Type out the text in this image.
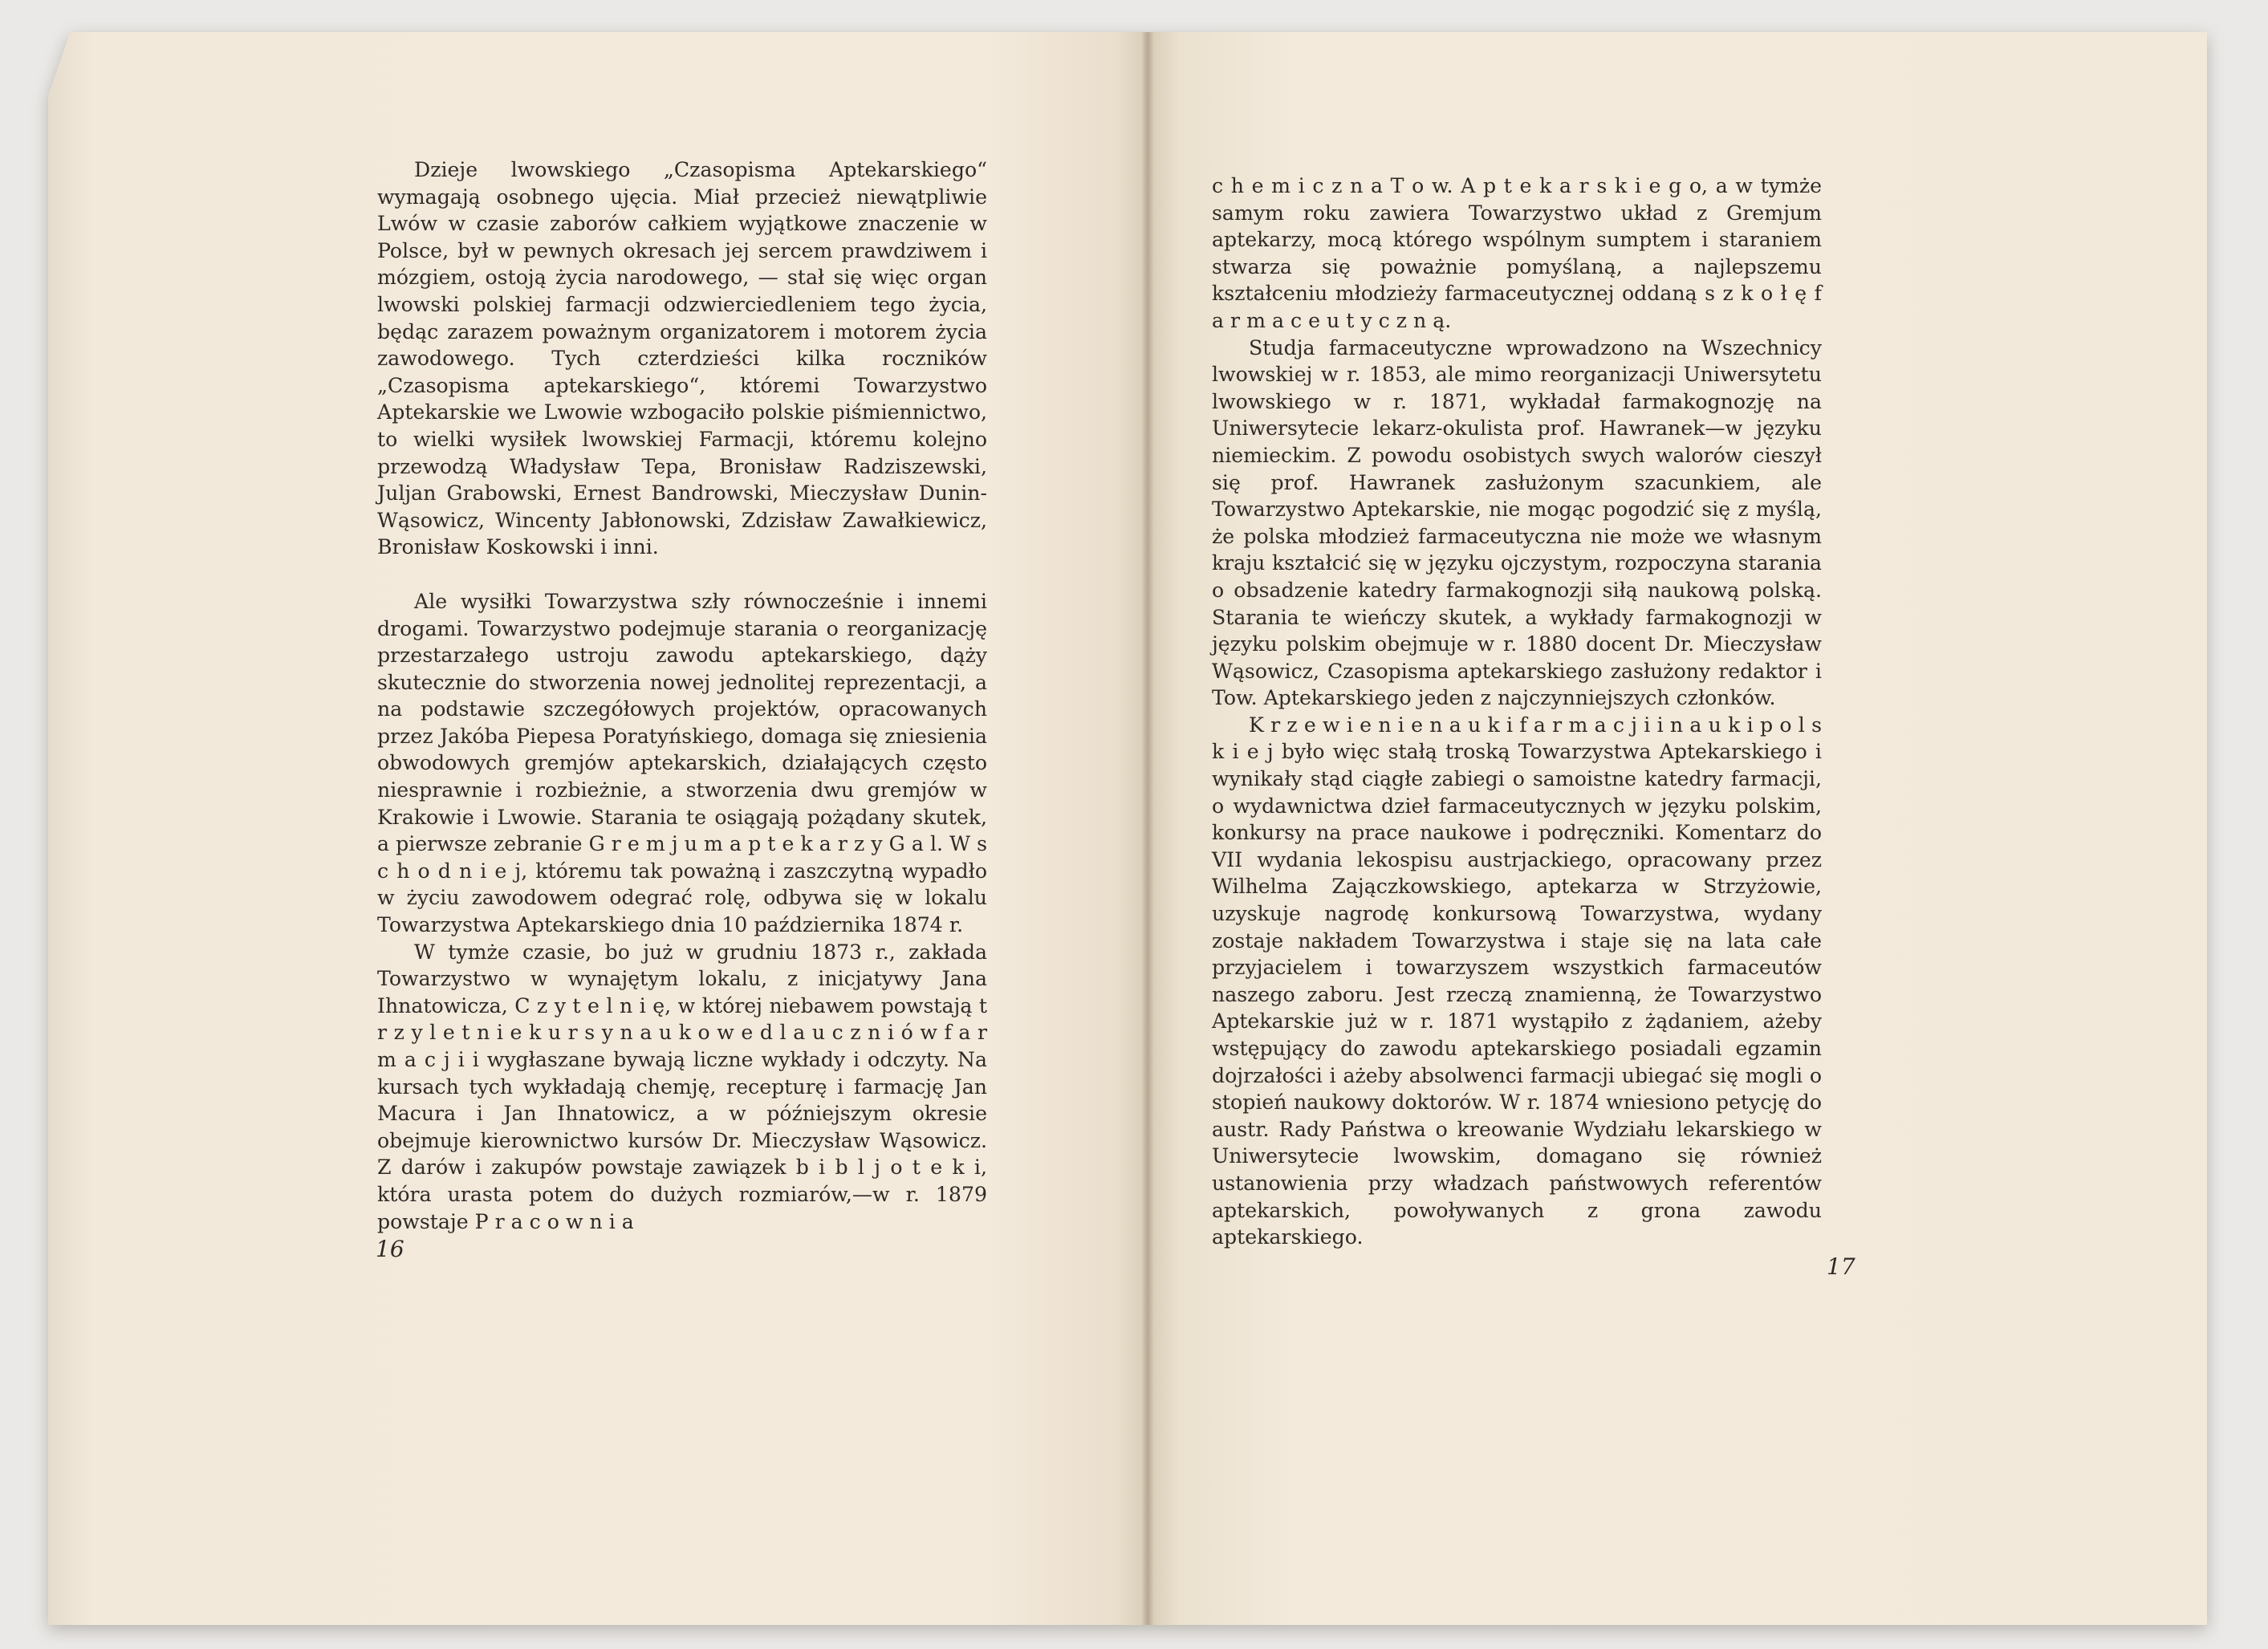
Dzieje lwowskiego „Czasopisma Aptekarskiego“ wymagają osobnego ujęcia. Miał przecież niewątpliwie Lwów w czasie zaborów całkiem wyjątkowe znaczenie w Polsce, był w pewnych okresach jej sercem prawdziwem i mózgiem, ostoją życia narodowego, — stał się więc organ lwowski polskiej farmacji odzwierciedleniem tego życia, będąc zarazem poważnym organizatorem i motorem życia zawodowego. Tych czterdzieści kilka roczników „Czasopisma aptekarskiego“, któremi Towarzystwo Aptekarskie we Lwowie wzbogaciło polskie piśmiennictwo, to wielki wysiłek lwowskiej Farmacji, któremu kolejno przewodzą Władysław Tepa, Bronisław Radziszewski, Juljan Grabowski, Ernest Bandrowski, Mieczysław Dunin-Wąsowicz, Wincenty Jabłonowski, Zdzisław Zawałkiewicz, Bronisław Koskowski i inni.

Ale wysiłki Towarzystwa szły równocześnie i innemi drogami. Towarzystwo podejmuje starania o reorganizację przestarzałego ustroju zawodu aptekarskiego, dąży skutecznie do stworzenia nowej jednolitej reprezentacji, a na podstawie szczegółowych projektów, opracowanych przez Jakóba Piepesa Poratyńskiego, domaga się zniesienia obwodowych gremjów aptekarskich, działających często niesprawnie i rozbieżnie, a stworzenia dwu gremjów w Krakowie i Lwowie. Starania te osiągają pożądany skutek, a pierwsze zebranie G r e m j u m a p t e k a r z y G a l. W s c h o d n i e j, któremu tak poważną i zaszczytną wypadło w życiu zawodowem odegrać rolę, odbywa się w lokalu Towarzystwa Aptekarskiego dnia 10 października 1874 r.

W tymże czasie, bo już w grudniu 1873 r., zakłada Towarzystwo w wynajętym lokalu, z inicjatywy Jana Ihnatowicza, C z y t e l n i ę, w której niebawem powstają t r z y l e t n i e k u r s y n a u k o w e d l a u c z n i ó w f a r m a c j i i wygłaszane bywają liczne wykłady i odczyty. Na kursach tych wykładają chemję, recepturę i farmację Jan Macura i Jan Ihnatowicz, a w późniejszym okresie obejmuje kierownictwo kursów Dr. Mieczysław Wąsowicz. Z darów i zakupów powstaje zawiązek b i b l j o t e k i, która urasta potem do dużych rozmiarów,—w r. 1879 powstaje P r a c o w n i a

16

c h e m i c z n a T o w. A p t e k a r s k i e g o, a w tymże samym roku zawiera Towarzystwo układ z Gremjum aptekarzy, mocą którego wspólnym sumptem i staraniem stwarza się poważnie pomyślaną, a najlepszemu kształceniu młodzieży farmaceutycznej oddaną s z k o ł ę f a r m a c e u t y c z n ą.

Studja farmaceutyczne wprowadzono na Wszechnicy lwowskiej w r. 1853, ale mimo reorganizacji Uniwersytetu lwowskiego w r. 1871, wykładał farmakognozję na Uniwersytecie lekarz-okulista prof. Hawranek—w języku niemieckim. Z powodu osobistych swych walorów cieszył się prof. Hawranek zasłużonym szacunkiem, ale Towarzystwo Aptekarskie, nie mogąc pogodzić się z myślą, że polska młodzież farmaceutyczna nie może we własnym kraju kształcić się w języku ojczystym, rozpoczyna starania o obsadzenie katedry farmakognozji siłą naukową polską. Starania te wieńczy skutek, a wykłady farmakognozji w języku polskim obejmuje w r. 1880 docent Dr. Mieczysław Wąsowicz, Czasopisma aptekarskiego zasłużony redaktor i Tow. Aptekarskiego jeden z najczynniejszych członków.

K r z e w i e n i e n a u k i f a r m a c j i i n a u k i p o l s k i e j było więc stałą troską Towarzystwa Aptekarskiego i wynikały stąd ciągłe zabiegi o samoistne katedry farmacji, o wydawnictwa dzieł farmaceutycznych w języku polskim, konkursy na prace naukowe i podręczniki. Komentarz do VII wydania lekospisu austrjackiego, opracowany przez Wilhelma Zajączkowskiego, aptekarza w Strzyżowie, uzyskuje nagrodę konkursową Towarzystwa, wydany zostaje nakładem Towarzystwa i staje się na lata całe przyjacielem i towarzyszem wszystkich farmaceutów naszego zaboru. Jest rzeczą znamienną, że Towarzystwo Aptekarskie już w r. 1871 wystąpiło z żądaniem, ażeby wstępujący do zawodu aptekarskiego posiadali egzamin dojrzałości i ażeby absolwenci farmacji ubiegać się mogli o stopień naukowy doktorów. W r. 1874 wniesiono petycję do austr. Rady Państwa o kreowanie Wydziału lekarskiego w Uniwersytecie lwowskim, domagano się również ustanowienia przy władzach państwowych referentów aptekarskich, powoływanych z grona zawodu aptekarskiego.

17
